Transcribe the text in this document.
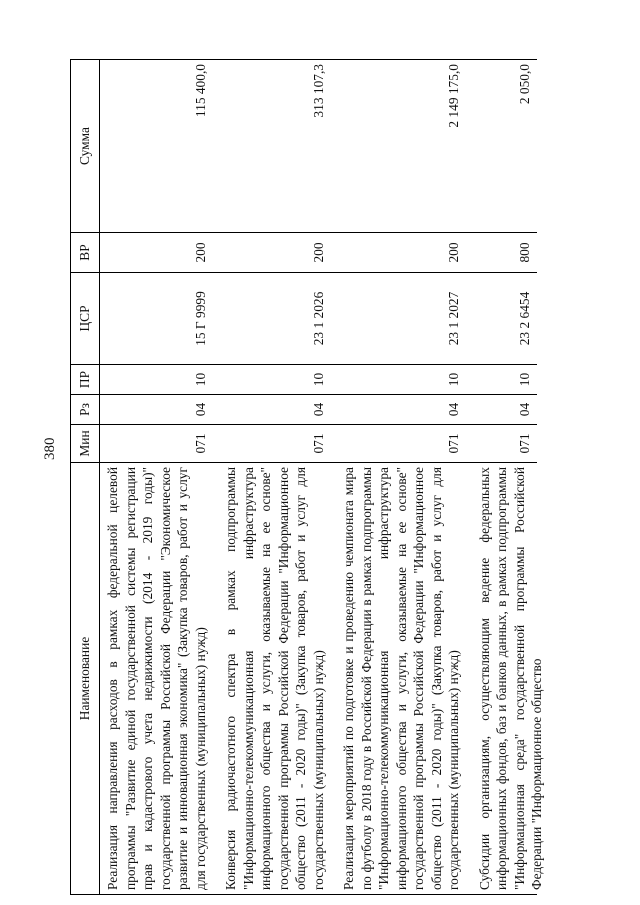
380
Наименование	Мин	Рз	ПР	ЦСР	ВР	Сумма
Реализация направления расходов в рамках федеральной целевой программы "Развитие единой государственной системы регистрации прав и кадастрового учета недвижимости (2014 - 2019 годы)" государственной программы Российской Федерации "Экономическое развитие и инновационная экономика" (Закупка товаров, работ и услуг для государственных (муниципальных) нужд)	071	04	10	15 Г 9999	200	115 400,0
Конверсия радиочастотного спектра в рамках подпрограммы "Информационно-телекоммуникационная инфраструктура информационного общества и услуги, оказываемые на ее основе" государственной программы Российской Федерации "Информационное общество (2011 - 2020 годы)" (Закупка товаров, работ и услуг для государственных (муниципальных) нужд)	071	04	10	23 1 2026	200	313 107,3
Реализация мероприятий по подготовке и проведению чемпионата мира по футболу в 2018 году в Российской Федерации в рамках подпрограммы "Информационно-телекоммуникационная инфраструктура информационного общества и услуги, оказываемые на ее основе" государственной программы Российской Федерации "Информационное общество (2011 - 2020 годы)" (Закупка товаров, работ и услуг для государственных (муниципальных) нужд)	071	04	10	23 1 2027	200	2 149 175,0

Субсидии организациям, осуществляющим ведение федеральных информационных фондов, баз и банков данных, в рамках подпрограммы "Информационная среда" государственной программы Российской Федерации "Информационное общество	071	04	10	23 2 6454	800	2 050,0
